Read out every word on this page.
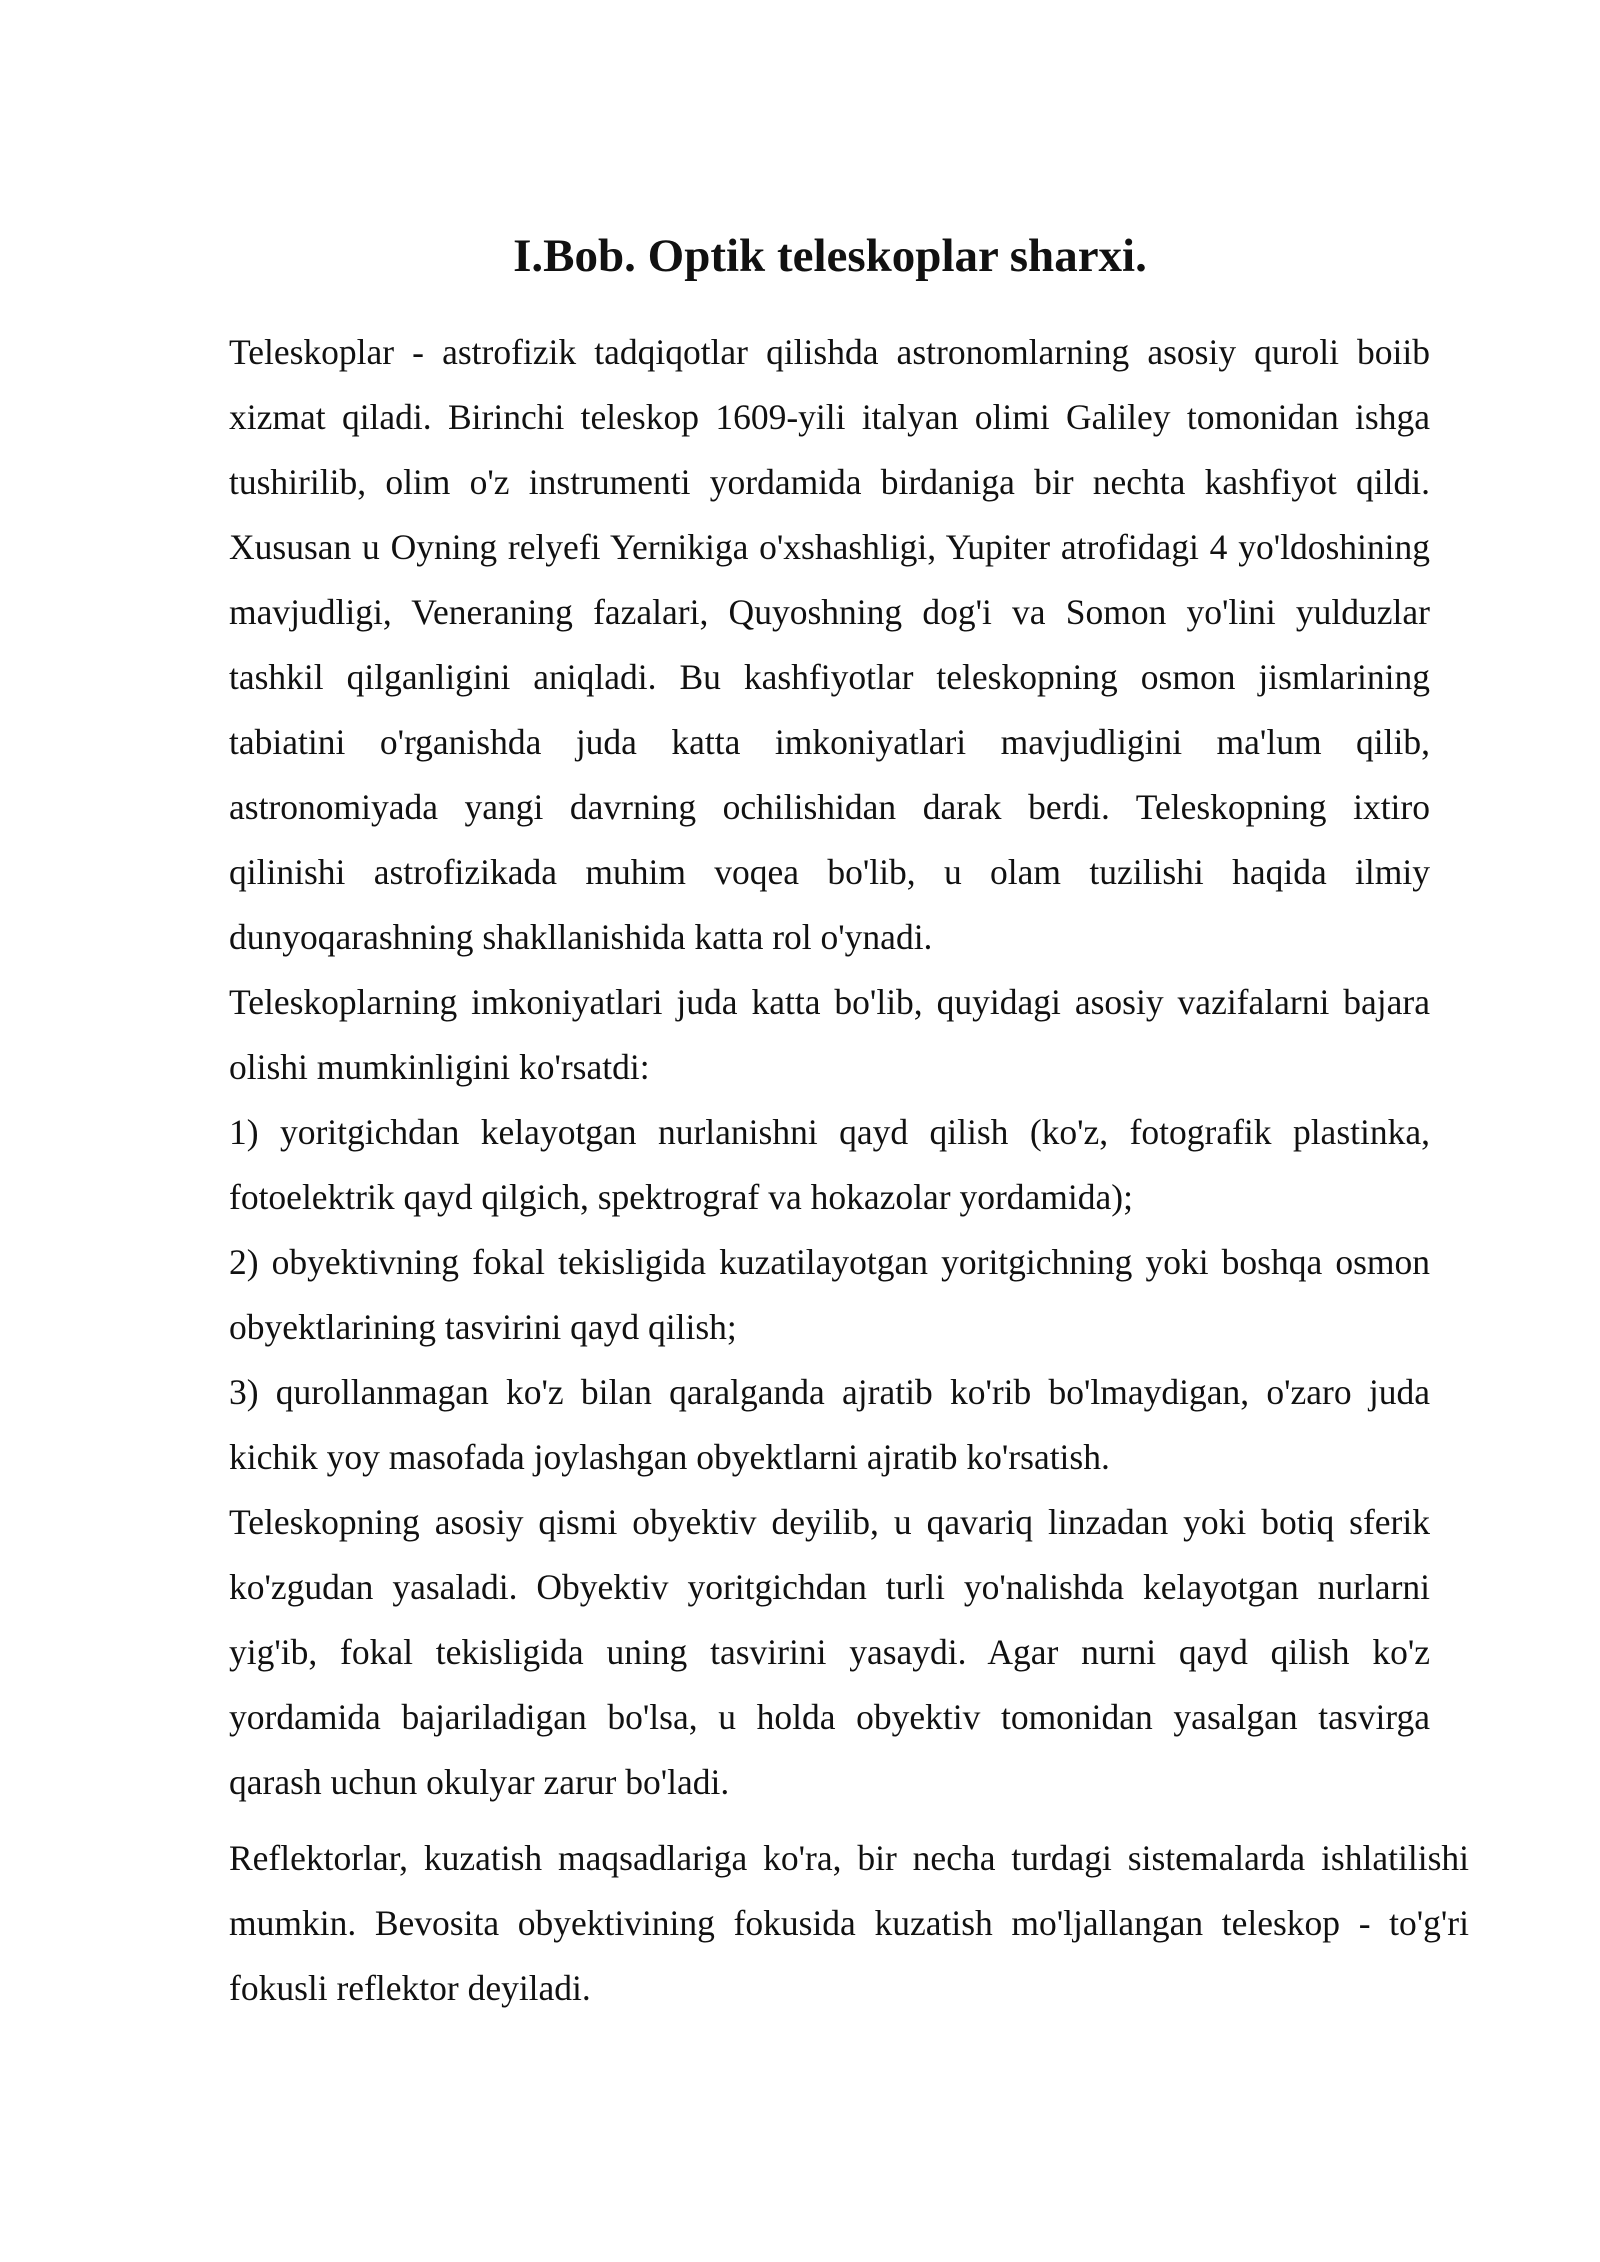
I.Bob. Optik teleskoplar sharxi.

Teleskoplar - astrofizik tadqiqotlar qilishda astronomlarning asosiy quroli boiib xizmat qiladi. Birinchi teleskop 1609-yili italyan olimi Galiley tomonidan ishga tushirilib, olim o'z instrumenti yordamida birdaniga bir nechta kashfiyot qildi. Xususan u Oyning relyefi Yernikiga o'xshashligi, Yupiter atrofidagi 4 yo'ldoshining mavjudligi, Veneraning fazalari, Quyoshning dog'i va Somon yo'lini yulduzlar tashkil qilganligini aniqladi. Bu kashfiyotlar teleskopning osmon jismlarining tabiatini o'rganishda juda katta imkoniyatlari mavjudligini ma'lum qilib, astronomiyada yangi davrning ochilishidan darak berdi. Teleskopning ixtiro qilinishi astrofizikada muhim voqea bo'lib, u olam tuzilishi haqida ilmiy dunyoqarashning shakllanishida katta rol o'ynadi.

Teleskoplarning imkoniyatlari juda katta bo'lib, quyidagi asosiy vazifalarni bajara olishi mumkinligini ko'rsatdi:

1) yoritgichdan kelayotgan nurlanishni qayd qilish (ko'z, fotografik plastinka, fotoelektrik qayd qilgich, spektrograf va hokazolar yordamida);

2) obyektivning fokal tekisligida kuzatilayotgan yoritgichning yoki boshqa osmon obyektlarining tasvirini qayd qilish;

3) qurollanmagan ko'z bilan qaralganda ajratib ko'rib bo'lmaydigan, o'zaro juda kichik yoy masofada joylashgan obyektlarni ajratib ko'rsatish.

Teleskopning asosiy qismi obyektiv deyilib, u qavariq linzadan yoki botiq sferik ko'zgudan yasaladi. Obyektiv yoritgichdan turli yo'nalishda kelayotgan nurlarni yig'ib, fokal tekisligida uning tasvirini yasaydi. Agar nurni qayd qilish ko'z yordamida bajariladigan bo'lsa, u holda obyektiv tomonidan yasalgan tasvirga qarash uchun okulyar zarur bo'ladi.

Reflektorlar, kuzatish maqsadlariga ko'ra, bir necha turdagi sistemalarda ishlatilishi mumkin. Bevosita obyektivining fokusida kuzatish mo'ljallangan teleskop - to'g'ri fokusli reflektor deyiladi.
